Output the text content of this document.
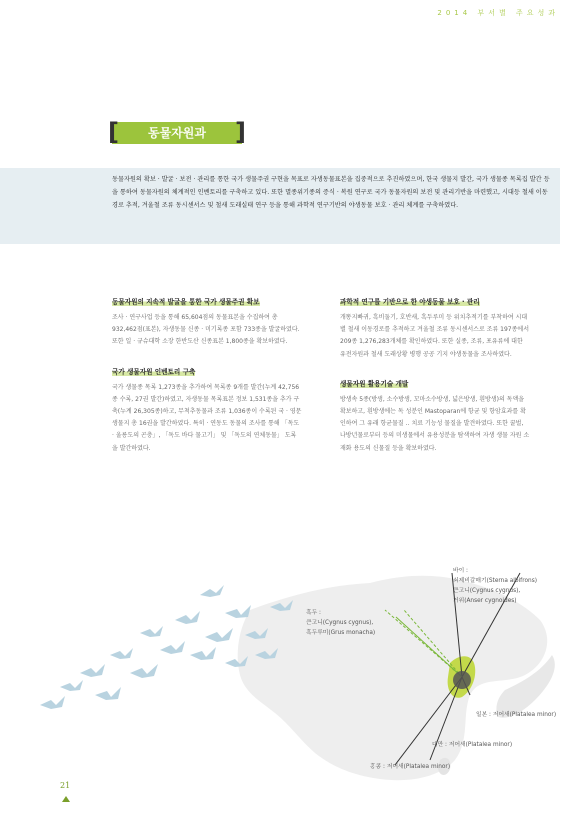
2014 부서별 주요성과
[	]
동물자원과

동물자원의 확보 · 발굴 · 보전 · 관리를 통한 국가 생물주권 구현을 목표로 자생동물표본을 집중적으로 추진하였으며, 한국 생물지 발간, 국가 생물종 목록집 발간 등을 통하여 동물자원의 체계적인 인벤토리를 구축하고 있다. 또한 멸종위기종의 증식 · 복원 연구로 국가 동물자원의 보전 및 관리기반을 마련했고, 시대등 철새 이동경로 추적, 겨울철 조류 동시센서스 및 철새 도래실태 연구 등을 통해 과학적 연구기반의 야생동물 보호 · 관리 체계를 구축하였다.

동물자원의 지속적 발굴을 통한 국가 생물주권 확보

조사 · 연구사업 등을 통해 65,604점의 동물표본을 수집하여 총 932,462점(표본), 자생동물 신종 · 미기록종 포함 733종을 발굴하였다. 또한 일 · 규슈대학 소장 한반도산 신종표본 1,800종을 확보하였다.

국가 생물자원 인벤토리 구축

국가 생물종 목록 1,273종을 추가하여 목록종 9개를 발간(누계 42,756종 수록, 27권 발간)하였고, 자생동물 목록표본 정보 1,531종을 추가 구축(누계 26,305종)하고, 무척추동물과 조류 1,036종이 수록된 국 · 영문 생물지 총 16권을 발간하였다. 특히 · 연동도 동물의 조사를 통해 「독도 · 울릉도의 곤충」, 「독도 바다 물고기」 및 「독도의 연체동물」 도록을 발간하였다.

과학적 연구를 기반으로 한 야생동물 보호 · 관리

개똥지빠귀, 흑비둘기, 호반새, 흑두루미 등 위치추적기를 부착하여 시대별 철새 이동경로를 추적하고 겨울철 조류 동시센서스로 조류 197종에서 209종 1,276,283개체를 확인하였다. 또한 실종, 조류, 포유류에 대한 유전자원과 철새 도래상황 병행 공공 기지 야생동물을 조사하였다.

생물자원 활용기술 개발

방생속 5종(방생, 소수방생, 꼬마소수방생, 넓은방생, 흰방생)의 독액을 확보하고, 흰방생에는 독 성분인 Mastoparan에 항균 및 항암효과를 확인하여 그 유래 항균물질 ‥ 치료 기능성 물질을 발견하였다. 또한 꿀벌, 나방년물로부터 등의 미생물에서 유용성분을 탐색하여 자생 생물 자원 소재화 용도의 신물질 등을 확보하였다.

흑두 :
큰고니(Cygnus cygnus),
흑두루미(Grus monacha)
바이 :
쇠제비갈매기(Sterna albifrons)
큰고니(Cygnus cygnus),
거위(Anser cygnoides)
일본 : 저어새(Platalea minor)
대만 : 저어새(Platalea minor)
홍콩 : 저어새(Platalea minor)
21
